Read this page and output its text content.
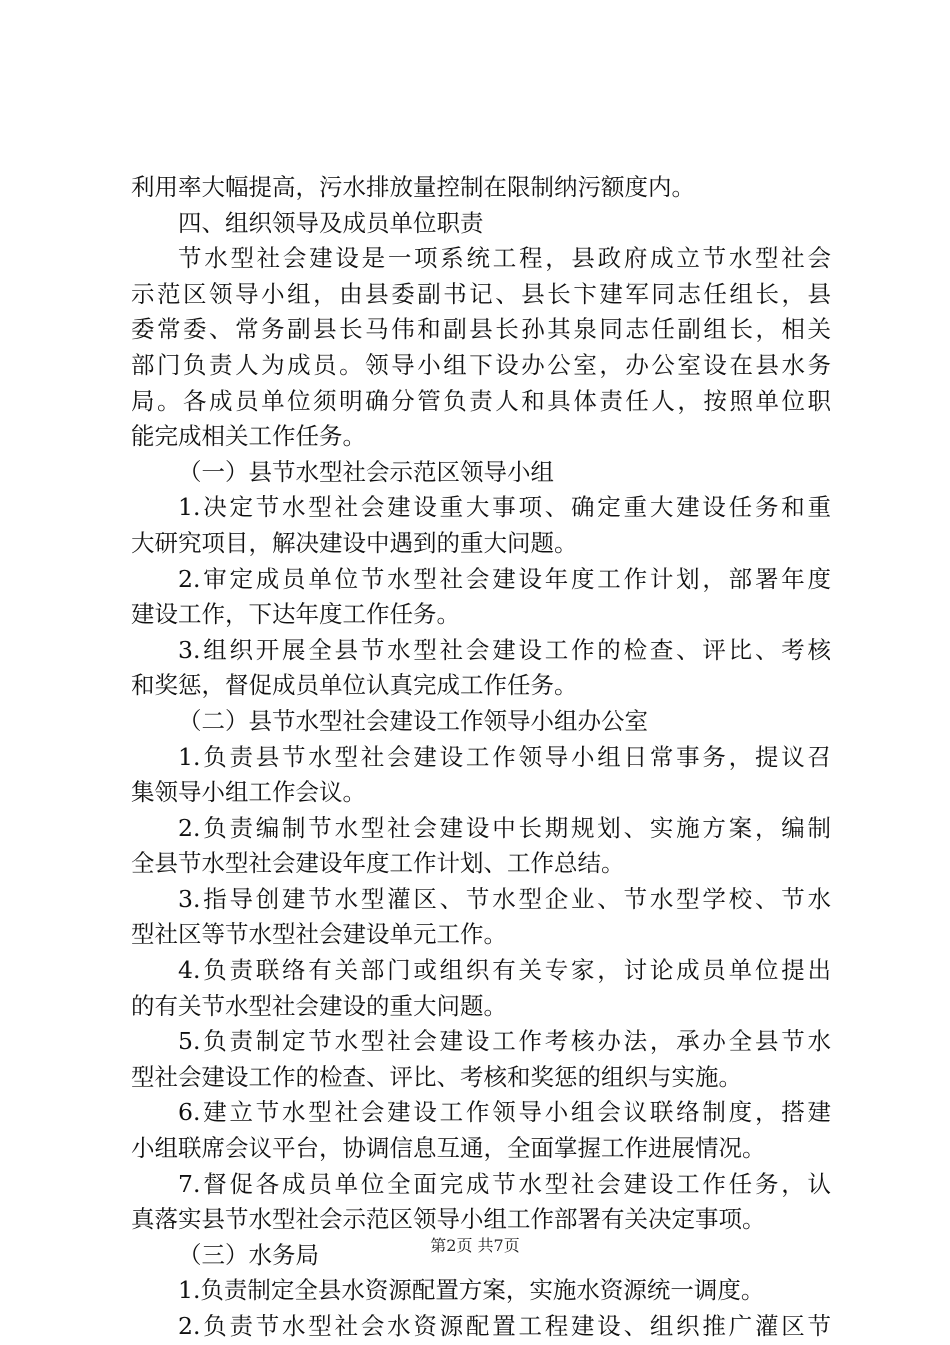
利用率大幅提高，污水排放量控制在限制纳污额度内。
四、组织领导及成员单位职责
节水型社会建设是一项系统工程，县政府成立节水型社会
示范区领导小组，由县委副书记、县长卞建军同志任组长，县
委常委、常务副县长马伟和副县长孙其泉同志任副组长，相关
部门负责人为成员。领导小组下设办公室，办公室设在县水务
局。各成员单位须明确分管负责人和具体责任人，按照单位职
能完成相关工作任务。
（一）县节水型社会示范区领导小组
1.决定节水型社会建设重大事项、确定重大建设任务和重
大研究项目，解决建设中遇到的重大问题。
2.审定成员单位节水型社会建设年度工作计划，部署年度
建设工作，下达年度工作任务。
3.组织开展全县节水型社会建设工作的检查、评比、考核
和奖惩，督促成员单位认真完成工作任务。
（二）县节水型社会建设工作领导小组办公室
1.负责县节水型社会建设工作领导小组日常事务，提议召
集领导小组工作会议。
2.负责编制节水型社会建设中长期规划、实施方案，编制
全县节水型社会建设年度工作计划、工作总结。
3.指导创建节水型灌区、节水型企业、节水型学校、节水
型社区等节水型社会建设单元工作。
4.负责联络有关部门或组织有关专家，讨论成员单位提出
的有关节水型社会建设的重大问题。
5.负责制定节水型社会建设工作考核办法，承办全县节水
型社会建设工作的检查、评比、考核和奖惩的组织与实施。
6.建立节水型社会建设工作领导小组会议联络制度，搭建
小组联席会议平台，协调信息互通，全面掌握工作进展情况。
7.督促各成员单位全面完成节水型社会建设工作任务，认
真落实县节水型社会示范区领导小组工作部署有关决定事项。
（三）水务局
1.负责制定全县水资源配置方案，实施水资源统一调度。
2.负责节水型社会水资源配置工程建设、组织推广灌区节
第2页 共7页
